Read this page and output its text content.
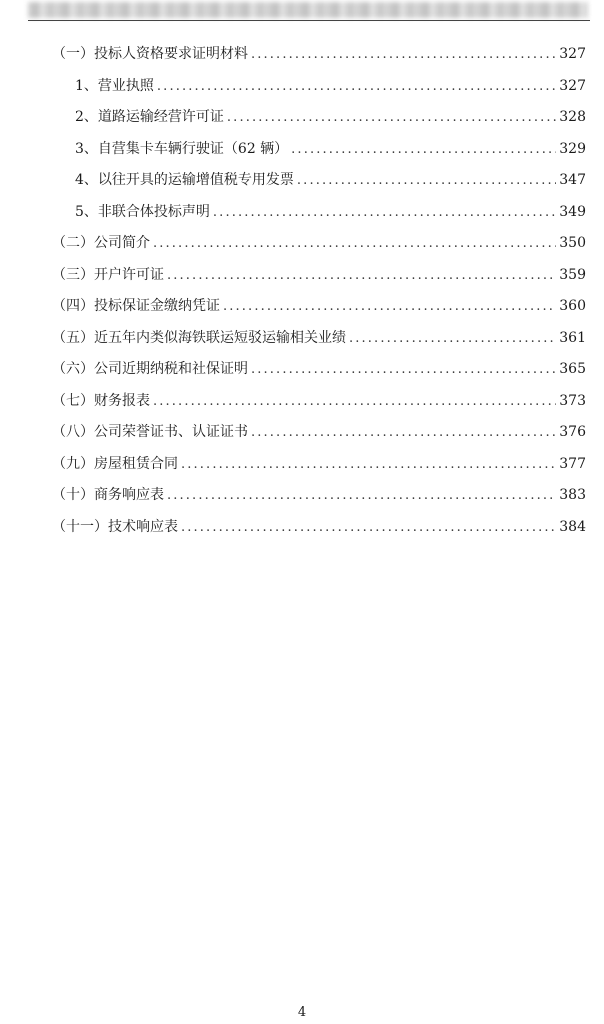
（一）投标人资格要求证明材料 . . .	327
1、营业执照 . . .	327
2、道路运输经营许可证 . . .	328
3、自营集卡车辆行驶证（62 辆） . . .	329
4、以往开具的运输增值税专用发票 . . .	347
5、非联合体投标声明 . . .	349
（二）公司简介 . . .	350
（三）开户许可证 . . .	359
（四）投标保证金缴纳凭证 . . .	360
（五）近五年内类似海铁联运短驳运输相关业绩 . . .	361
（六）公司近期纳税和社保证明 . . .	365
（七）财务报表 . . .	373
（八）公司荣誉证书、认证证书 . . .	376
（九）房屋租赁合同 . . .	377
（十）商务响应表 . . .	383
（十一）技术响应表 . . .	384
4
